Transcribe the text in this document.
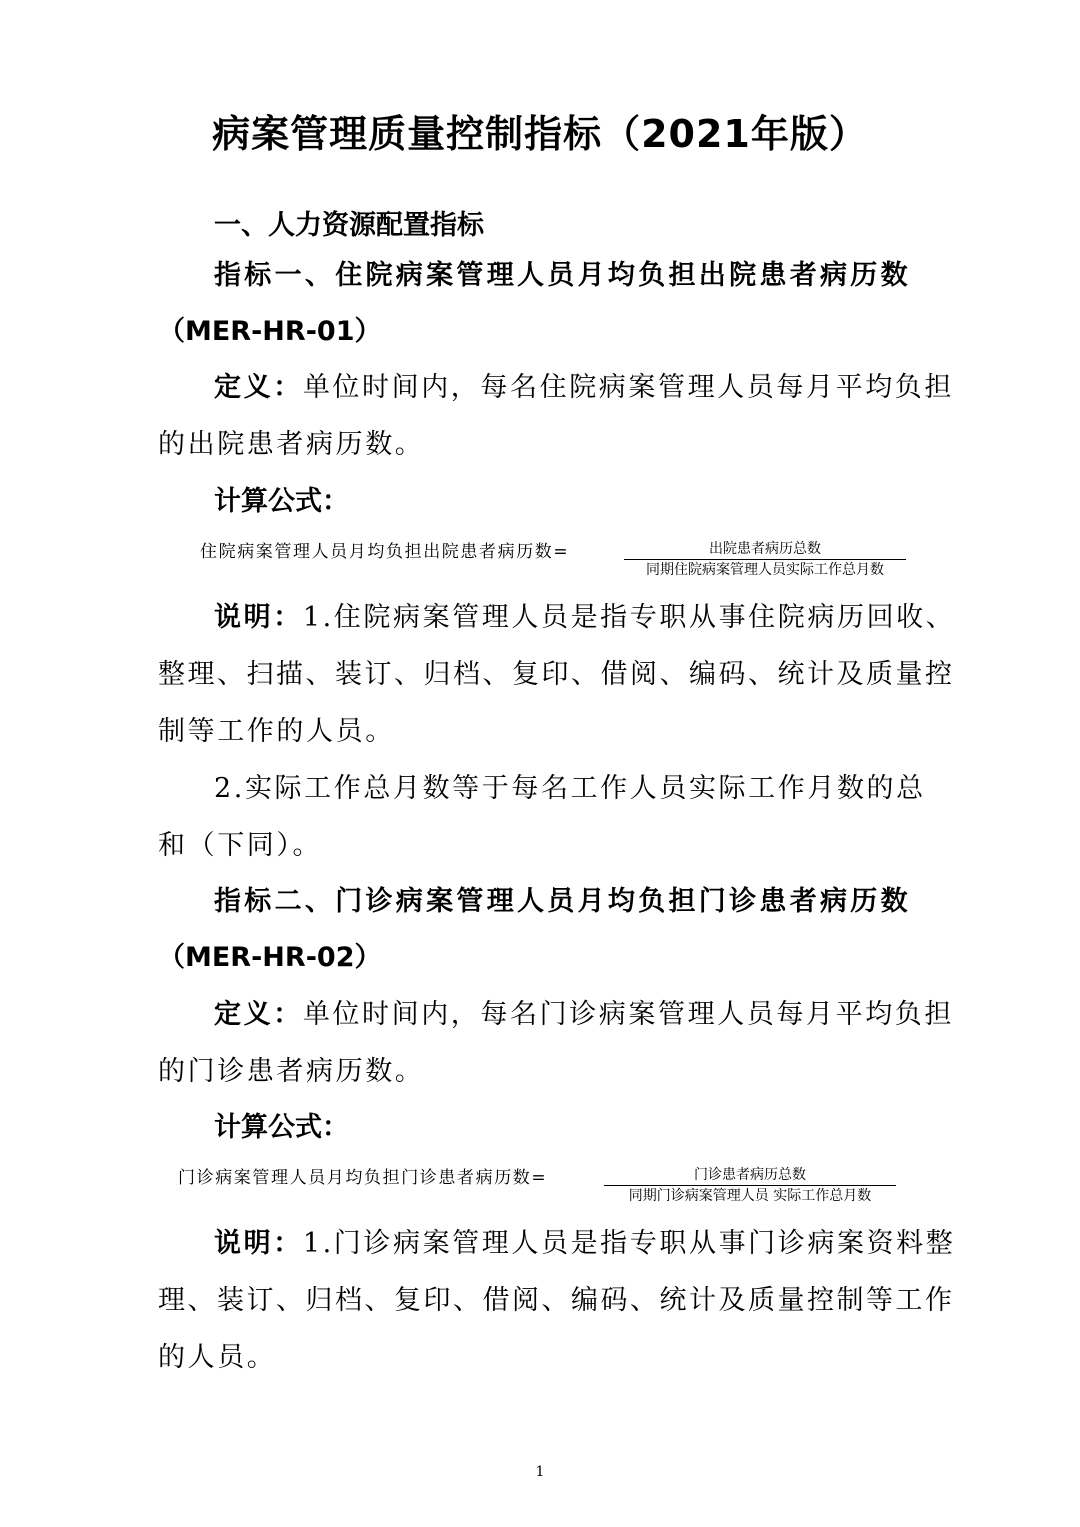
病案管理质量控制指标（2021年版）
一、人力资源配置指标
指标一、住院病案管理人员月均负担出院患者病历数
（MER-HR-01）
定义：单位时间内，每名住院病案管理人员每月平均负担
的出院患者病历数。
计算公式：
住院病案管理人员月均负担出院患者病历数=	出院患者病历总数
同期住院病案管理人员实际工作总月数
说明：1.住院病案管理人员是指专职从事住院病历回收、
整理、扫描、装订、归档、复印、借阅、编码、统计及质量控
制等工作的人员。
2.实际工作总月数等于每名工作人员实际工作月数的总
和（下同）。
指标二、门诊病案管理人员月均负担门诊患者病历数
（MER-HR-02）
定义：单位时间内，每名门诊病案管理人员每月平均负担
的门诊患者病历数。
计算公式：
门诊病案管理人员月均负担门诊患者病历数=	门诊患者病历总数
同期门诊病案管理人员 实际工作总月数
说明：1.门诊病案管理人员是指专职从事门诊病案资料整
理、装订、归档、复印、借阅、编码、统计及质量控制等工作
的人员。
1
